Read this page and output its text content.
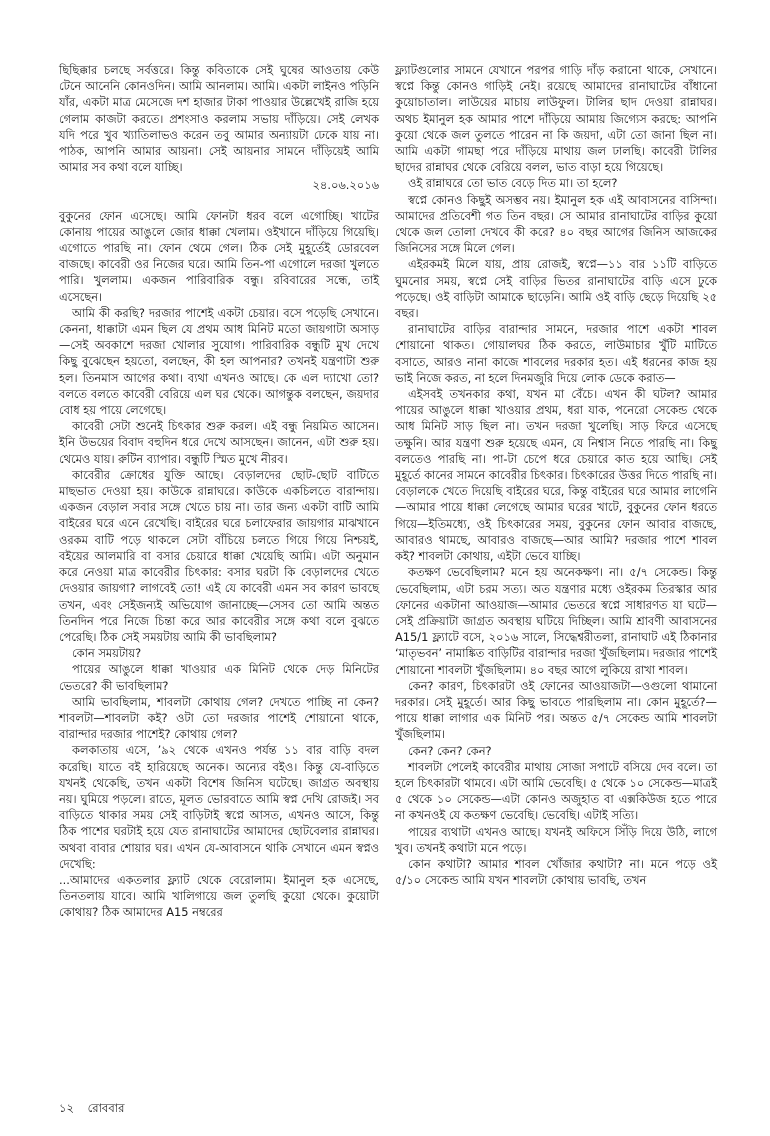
ছিছিক্কার চলছে সর্বত্তরে। কিন্তু কবিতাকে সেই ঘুষের আওতায় কেউ টেনে আনেনি কোনওদিন। আমি আনলাম। আমি। একটা লাইনও পড়িনি যাঁর, একটা মাত্র মেসেজে দশ হাজার টাকা পাওয়ার উল্লেখেই রাজি হয়ে গেলাম কাজটা করতে। প্রশংসাও করলাম সভায় দাঁড়িয়ে। সেই লেখক যদি পরে খুব খ্যাতিলাভও করেন তবু আমার অন্যায়টা ঢেকে যায় না। পাঠক, আপনি আমার আয়না। সেই আয়নার সামনে দাঁড়িয়েই আমি আমার সব কথা বলে যাচ্ছি।

২৪.০৬.২০১৬

বুকুনের ফোন এসেছে। আমি ফোনটা ধরব বলে এগোচ্ছি। খাটের কোনায় পায়ের আঙুলে জোর ধাক্কা খেলাম। ওইখানে দাঁড়িয়ে গিয়েছি। এগোতে পারছি না। ফোন থেমে গেল। ঠিক সেই মুহূর্তেই ডোরবেল বাজছে। কাবেরী ওর নিজের ঘরে। আমি তিন-পা এগোলে দরজা খুলতে পারি। খুললাম। একজন পারিবারিক বন্ধু। রবিবারের সন্ধে, তাই এসেছেন।

আমি কী করছি? দরজার পাশেই একটা চেয়ার। বসে পড়েছি সেখানে। কেননা, ধাক্কাটা এমন ছিল যে প্রথম আধ মিনিট মতো জায়গাটা অসাড়—সেই অবকাশে দরজা খোলার সুযোগ। পারিবারিক বন্ধুটি মুখ দেখে কিছু বুঝেছেন হয়তো, বলছেন, কী হল আপনার? তখনই যন্ত্রণাটা শুরু হল। তিনমাস আগের কথা। ব্যথা এখনও আছে। কে এল দ্যাখো তো? বলতে বলতে কাবেরী বেরিয়ে এল ঘর থেকে। আগন্তুক বলছেন, জয়দার বোধ হয় পায়ে লেগেছে।

কাবেরী সেটা শুনেই চিৎকার শুরু করল। এই বন্ধু নিয়মিত আসেন। ইনি উভয়ের বিবাদ বহুদিন ধরে দেখে আসছেন। জানেন, এটা শুরু হয়। থেমেও যায়। রুটিন ব্যাপার। বন্ধুটি স্মিত মুখে নীরব।

কাবেরীর ক্রোধের যুক্তি আছে। বেড়ালদের ছোট-ছোট বাটিতে মাছভাত দেওয়া হয়। কাউকে রান্নাঘরে। কাউকে একচিলতে বারান্দায়। একজন বেড়াল সবার সঙ্গে খেতে চায় না। তার জন্য একটা বাটি আমি বাইরের ঘরে এনে রেখেছি। বাইরের ঘরে চলাফেরার জায়গার মাঝখানে ওরকম বাটি পড়ে থাকলে সেটা বাঁচিয়ে চলতে গিয়ে গিয়ে নিশ্চয়ই, বইয়ের আলমারি বা বসার চেয়ারে ধাক্কা খেয়েছি আমি। এটা অনুমান করে নেওয়া মাত্র কাবেরীর চিৎকার: বসার ঘরটা কি বেড়ালদের খেতে দেওয়ার জায়গা? লাগবেই তো! এই যে কাবেরী এমন সব কারণ ভাবছে তখন, এবং সেইজন্যই অভিযোগ জানাচ্ছে—সেসব তো আমি অন্তত তিনদিন পরে নিজে চিন্তা করে আর কাবেরীর সঙ্গে কথা বলে বুঝতে পেরেছি। ঠিক সেই সময়টায় আমি কী ভাবছিলাম?

কোন সময়টায়?

পায়ের আঙুলে ধাক্কা খাওয়ার এক মিনিট থেকে দেড় মিনিটের ভেতরে? কী ভাবছিলাম?

আমি ভাবছিলাম, শাবলটা কোথায় গেল? দেখতে পাচ্ছি না কেন? শাবলটা—শাবলটা কই? ওটা তো দরজার পাশেই শোয়ানো থাকে, বারান্দার দরজার পাশেই? কোথায় গেল?

কলকাতায় এসে, ’৯২ থেকে এখনও পর্যন্ত ১১ বার বাড়ি বদল করেছি। যাতে বই হারিয়েছে অনেক। অন্যের বইও। কিন্তু যে-বাড়িতে যখনই থেকেছি, তখন একটা বিশেষ জিনিস ঘটেছে। জাগ্রত অবস্থায় নয়। ঘুমিয়ে পড়লে। রাতে, মূলত ভোরবাতে আমি স্বপ্ন দেখি রোজই। সব বাড়িতে থাকার সময় সেই বাড়িটাই স্বপ্নে আসত, এখনও আসে, কিন্তু ঠিক পাশের ঘরটাই হয়ে যেত রানাঘাটের আমাদের ছোটবেলার রান্নাঘর। অথবা বাবার শোয়ার ঘর। এখন যে-আবাসনে থাকি সেখানে এমন স্বপ্নও দেখেছি:

...আমাদের একতলার ফ্ল্যাট থেকে বেরোলাম। ইমানুল হক এসেছে, তিনতলায় যাবে। আমি খালিগায়ে জল তুলছি কুয়ো থেকে। কুয়োটা কোথায়? ঠিক আমাদের A15 নম্বরের

ফ্ল্যাটগুলোর সামনে যেখানে পরপর গাড়ি দাঁড় করানো থাকে, সেখানে। স্বপ্নে কিন্তু কোনও গাড়িই নেই। রয়েছে আমাদের রানাঘাটের বাঁধানো কুয়োচাতাল। লাউয়ের মাচায় লাউফুল। টালির ছাদ দেওয়া রান্নাঘর। অথচ ইমানুল হক আমার পাশে দাঁড়িয়ে আমায় জিগ্যেস করছে: আপনি কুয়ো থেকে জল তুলতে পারেন না কি জয়দা, এটা তো জানা ছিল না। আমি একটা গামছা পরে দাঁড়িয়ে মাথায় জল ঢালছি। কাবেরী টালির ছাদের রান্নাঘর থেকে বেরিয়ে বলল, ভাত বাড়া হয়ে গিয়েছে।

ওই রান্নাঘরে তো ভাত বেড়ে দিত মা। তা হলে?

স্বপ্নে কোনও কিছুই অসম্ভব নয়। ইমানুল হক এই আবাসনের বাসিন্দা। আমাদের প্রতিবেশী গত তিন বছর। সে আমার রানাঘাটের বাড়ির কুয়ো থেকে জল তোলা দেখবে কী করে? ৪০ বছর আগের জিনিস আজকের জিনিসের সঙ্গে মিলে গেল।

এইরকমই মিলে যায়, প্রায় রোজই, স্বপ্নে—১১ বার ১১টি বাড়িতে ঘুমনোর সময়, স্বপ্নে সেই বাড়ির ভিতর রানাঘাটের বাড়ি এসে ঢুকে পড়েছে। ওই বাড়িটা আমাকে ছাড়েনি। আমি ওই বাড়ি ছেড়ে দিয়েছি ২৫ বছর।

রানাঘাটের বাড়ির বারান্দার সামনে, দরজার পাশে একটা শাবল শোয়ানো থাকত। গোয়ালঘর ঠিক করতে, লাউমাচার খুঁটি মাটিতে বসাতে, আরও নানা কাজে শাবলের দরকার হত। এই ধরনের কাজ হয় ভাই নিজে করত, না হলে দিনমজুরি দিয়ে লোক ডেকে করাত—

এইসবই তখনকার কথা, যখন মা বেঁচে। এখন কী ঘটল? আমার পায়ের আঙুলে ধাক্কা খাওয়ার প্রথম, ধরা যাক, পনেরো সেকেন্ড থেকে আধ মিনিট সাড় ছিল না। তখন দরজা খুলেছি। সাড় ফিরে এসেছে তক্ষুনি। আর যন্ত্রণা শুরু হয়েছে এমন, যে নিশ্বাস নিতে পারছি না। কিছু বলতেও পারছি না। পা-টা চেপে ধরে চেয়ারে কাত হয়ে আছি। সেই মুহূর্তে কানের সামনে কাবেরীর চিৎকার। চিৎকারের উত্তর দিতে পারছি না। বেড়ালকে খেতে দিয়েছি বাইরের ঘরে, কিন্তু বাইরের ঘরে আমার লাগেনি—আমার পায়ে ধাক্কা লেগেছে আমার ঘরের খাটে, বুকুনের ফোন ধরতে গিয়ে—ইতিমধ্যে, ওই চিৎকারের সময়, বুকুনের ফোন আবার বাজছে, আবারও থামছে, আবারও বাজছে—আর আমি? দরজার পাশে শাবল কই? শাবলটা কোথায়, এইটা ভেবে যাচ্ছি।

কতক্ষণ ভেবেছিলাম? মনে হয় অনেকক্ষণ। না। ৫/৭ সেকেন্ড। কিন্তু ভেবেছিলাম, এটা চরম সত্য। অত যন্ত্রণার মধ্যে ওইরকম তিরস্কার আর ফোনের একটানা আওয়াজ—আমার ভেতরে স্বপ্নে সাধারণত যা ঘটে—সেই প্রক্রিয়াটা জাগ্রত অবস্থায় ঘটিয়ে দিচ্ছিল। আমি শ্রাবণী আবাসনের A15/1 ফ্ল্যাটে বসে, ২০১৬ সালে, সিদ্ধেশ্বরীতলা, রানাঘাট এই ঠিকানার ‘মাতৃভবন’ নামাঙ্কিত বাড়িটির বারান্দার দরজা খুঁজছিলাম। দরজার পাশেই শোয়ানো শাবলটা খুঁজছিলাম। ৪০ বছর আগে লুকিয়ে রাখা শাবল।

কেন? কারণ, চিৎকারটা ওই ফোনের আওয়াজটা—ওগুলো থামানো দরকার। সেই মুহূর্তে। আর কিছু ভাবতে পারছিলাম না। কোন মুহূর্তে?—পায়ে ধাক্কা লাগার এক মিনিট পর। অন্তত ৫/৭ সেকেন্ড আমি শাবলটা খুঁজছিলাম।

কেন? কেন? কেন?

শাবলটা পেলেই কাবেরীর মাথায় সোজা সপাটে বসিয়ে দেব বলে। তা হলে চিৎকারটা থামবে। এটা আমি ভেবেছি। ৫ থেকে ১০ সেকেন্ড—মাত্রই ৫ থেকে ১০ সেকেন্ড—এটা কোনও অজুহাত বা এক্সকিউজ হতে পারে না কখনওই যে কতক্ষণ ভেবেছি। ভেবেছি। এটাই সত্যি।

পায়ের ব্যথাটা এখনও আছে। যখনই অফিসে সিঁড়ি দিয়ে উঠি, লাগে খুব। তখনই কথাটা মনে পড়ে।

কোন কথাটা? আমার শাবল খোঁজার কথাটা? না। মনে পড়ে ওই ৫/১০ সেকেন্ড আমি যখন শাবলটা কোথায় ভাবছি, তখন

১২ রোববার
